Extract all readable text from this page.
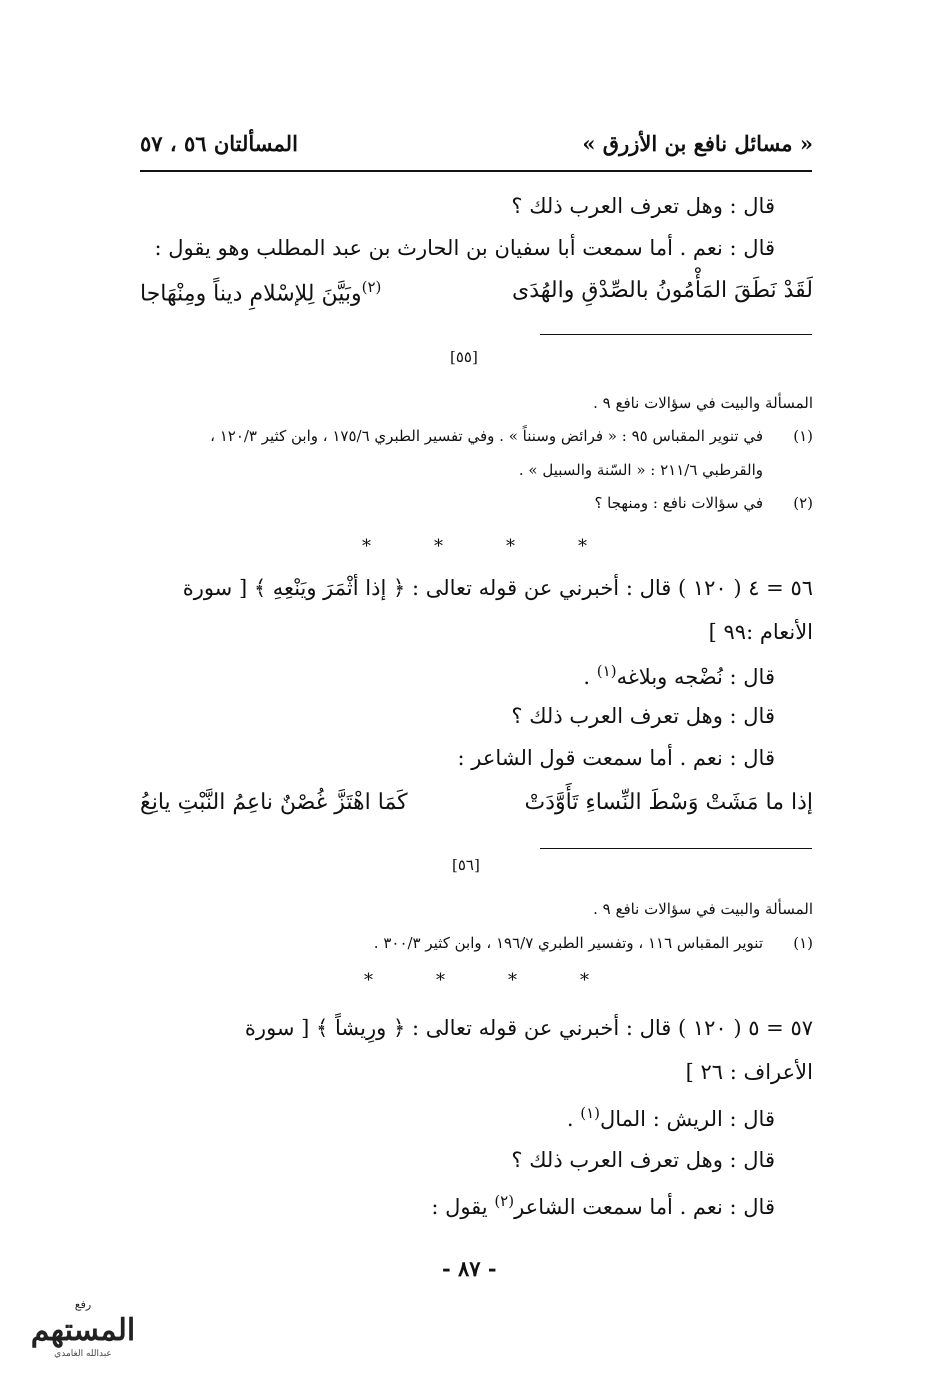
« مسائل نافع بن الأزرق »
المسألتان ٥٦ ، ٥٧
قال : وهل تعرف العرب ذلك ؟
قال : نعم . أما سمعت أبا سفيان بن الحارث بن عبد المطلب وهو يقول :
لَقَدْ نَطَقَ المَأْمُونُ بالصِّدْقِ والهُدَى
$^{(٢)}$وبَيَّنَ لِلإسْلامِ ديناً ومِنْهَاجا
[٥٥]
المسألة والبيت في سؤالات نافع ٩ .
(١)
في تنوير المقباس ٩٥ : « فرائض وسنناً » . وفي تفسير الطبري ١٧٥/٦ ، وابن كثير ١٢٠/٣ ،
والقرطبي ٢١١/٦ : « السّنة والسبيل » .
(٢)
في سؤالات نافع : ومنهجا ؟
*	*	*	*
٥٦ = ٤ ( ١٢٠ ) قال : أخبرني عن قوله تعالى : ﴿ إذا أثْمَرَ ويَنْعِهِ ﴾ [ سورة
الأنعام :٩٩ ]
قال : نُضْجه وبلاغه$^{(١)}$ .
قال : وهل تعرف العرب ذلك ؟
قال : نعم . أما سمعت قول الشاعر :
إذا ما مَشَتْ وَسْطَ النِّساءِ تَأَوَّدَتْ
كَمَا اهْتَزَّ غُصْنٌ ناعِمُ النَّبْتِ يانِعُ
[٥٦]
المسألة والبيت في سؤالات نافع ٩ .
(١)
تنوير المقباس ١١٦ ، وتفسير الطبري ١٩٦/٧ ، وابن كثير ٣٠٠/٣ .
*	*	*	*
٥٧ = ٥ ( ١٢٠ ) قال : أخبرني عن قوله تعالى : ﴿ ورِيشاً ﴾ [ سورة
الأعراف : ٢٦ ]
قال : الريش : المال$^{(١)}$ .
قال : وهل تعرف العرب ذلك ؟
قال : نعم . أما سمعت الشاعر$^{(٢)}$ يقول :
- ٨٧ -
رفع
المستهم
عبدالله الغامدي
